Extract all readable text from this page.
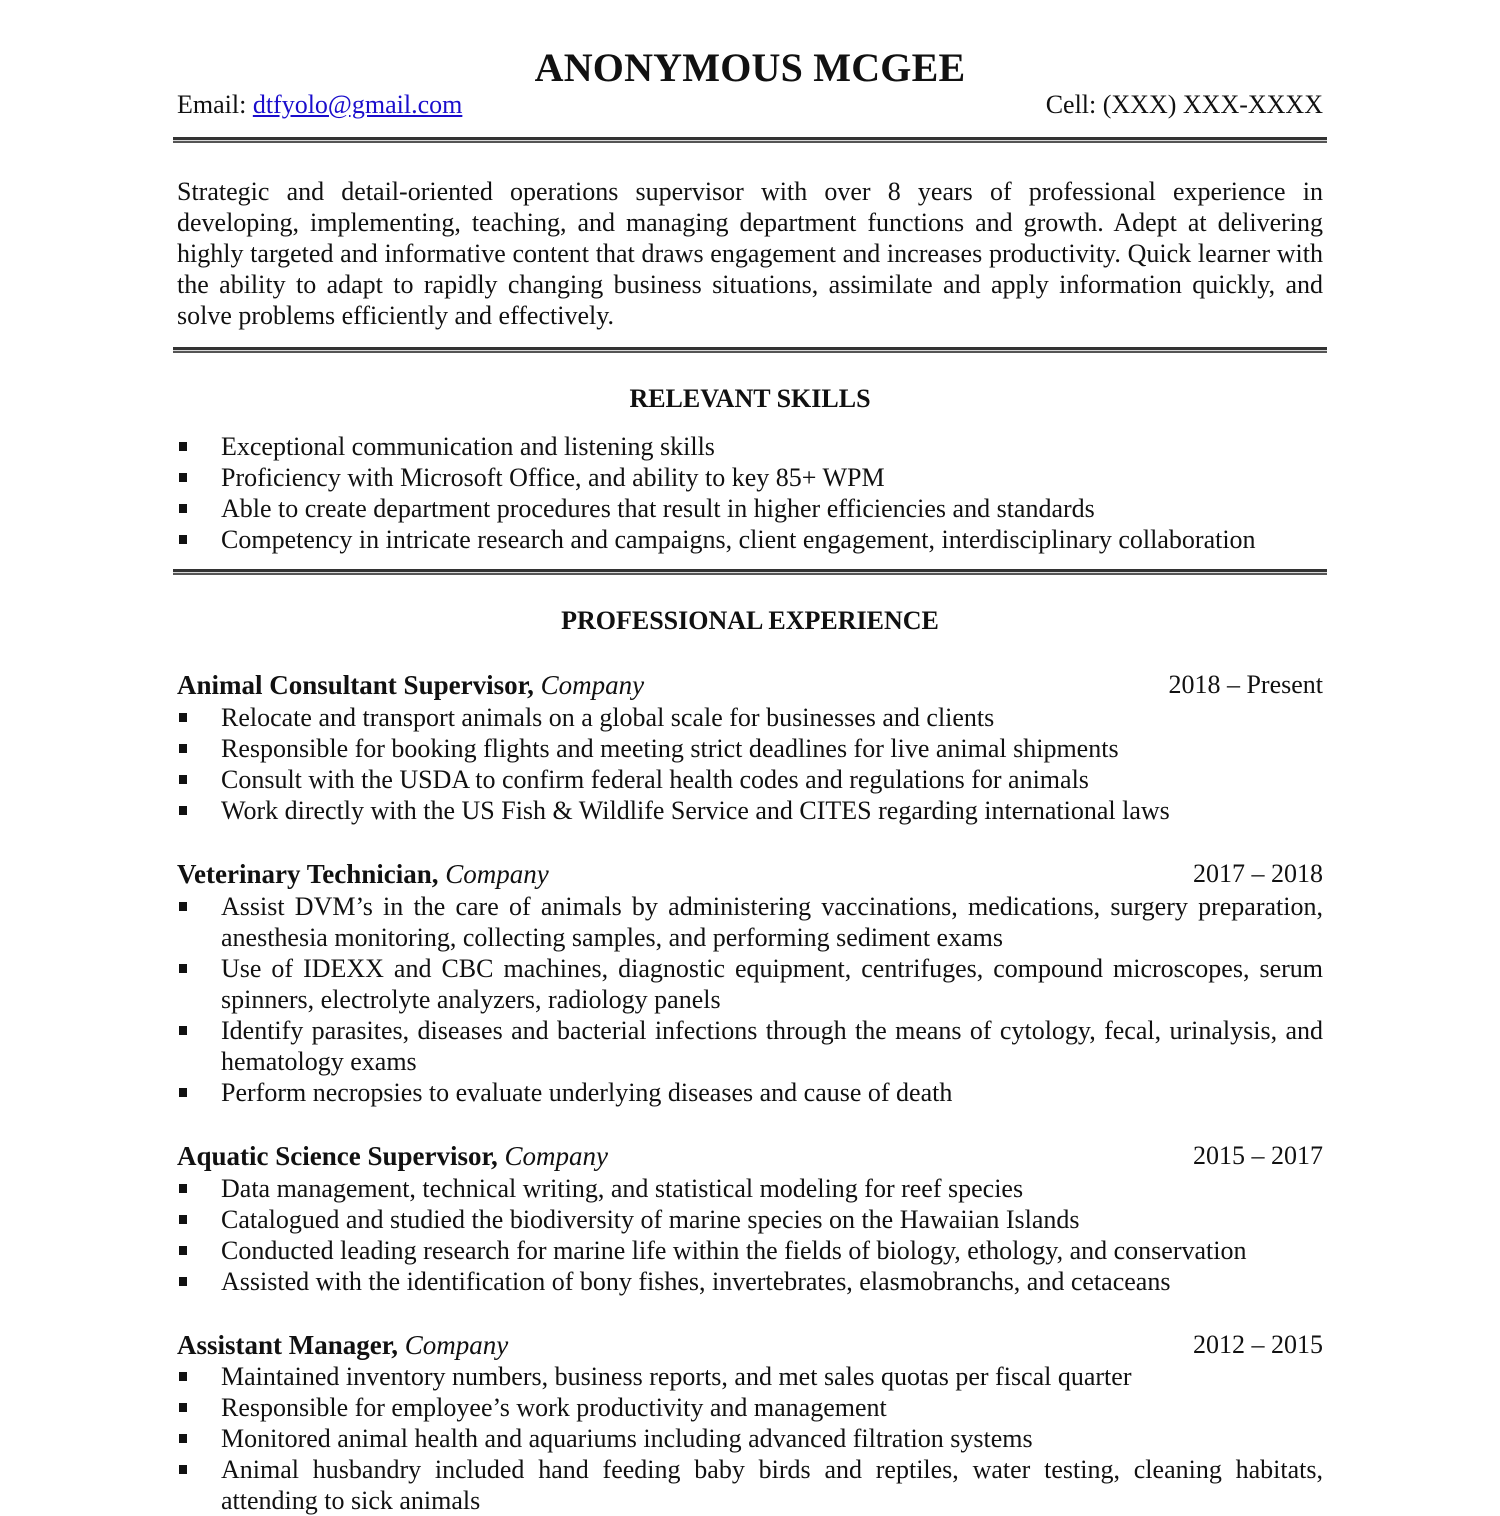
ANONYMOUS MCGEE
Email: dtfyolo@gmail.com	Cell: (XXX) XXX-XXXX
Strategic and detail-oriented operations supervisor with over 8 years of professional experience in developing, implementing, teaching, and managing department functions and growth. Adept at delivering highly targeted and informative content that draws engagement and increases productivity. Quick learner with the ability to adapt to rapidly changing business situations, assimilate and apply information quickly, and solve problems efficiently and effectively.
RELEVANT SKILLS
Exceptional communication and listening skills
Proficiency with Microsoft Office, and ability to key 85+ WPM
Able to create department procedures that result in higher efficiencies and standards
Competency in intricate research and campaigns, client engagement, interdisciplinary collaboration
PROFESSIONAL EXPERIENCE
Animal Consultant Supervisor, Company	2018 – Present
Relocate and transport animals on a global scale for businesses and clients
Responsible for booking flights and meeting strict deadlines for live animal shipments
Consult with the USDA to confirm federal health codes and regulations for animals
Work directly with the US Fish & Wildlife Service and CITES regarding international laws
Veterinary Technician, Company	2017 – 2018
Assist DVM’s in the care of animals by administering vaccinations, medications, surgery preparation, anesthesia monitoring, collecting samples, and performing sediment exams
Use of IDEXX and CBC machines, diagnostic equipment, centrifuges, compound microscopes, serum spinners, electrolyte analyzers, radiology panels
Identify parasites, diseases and bacterial infections through the means of cytology, fecal, urinalysis, and hematology exams
Perform necropsies to evaluate underlying diseases and cause of death
Aquatic Science Supervisor, Company	2015 – 2017
Data management, technical writing, and statistical modeling for reef species
Catalogued and studied the biodiversity of marine species on the Hawaiian Islands
Conducted leading research for marine life within the fields of biology, ethology, and conservation
Assisted with the identification of bony fishes, invertebrates, elasmobranchs, and cetaceans
Assistant Manager, Company	2012 – 2015
Maintained inventory numbers, business reports, and met sales quotas per fiscal quarter
Responsible for employee’s work productivity and management
Monitored animal health and aquariums including advanced filtration systems
Animal husbandry included hand feeding baby birds and reptiles, water testing, cleaning habitats, attending to sick animals
